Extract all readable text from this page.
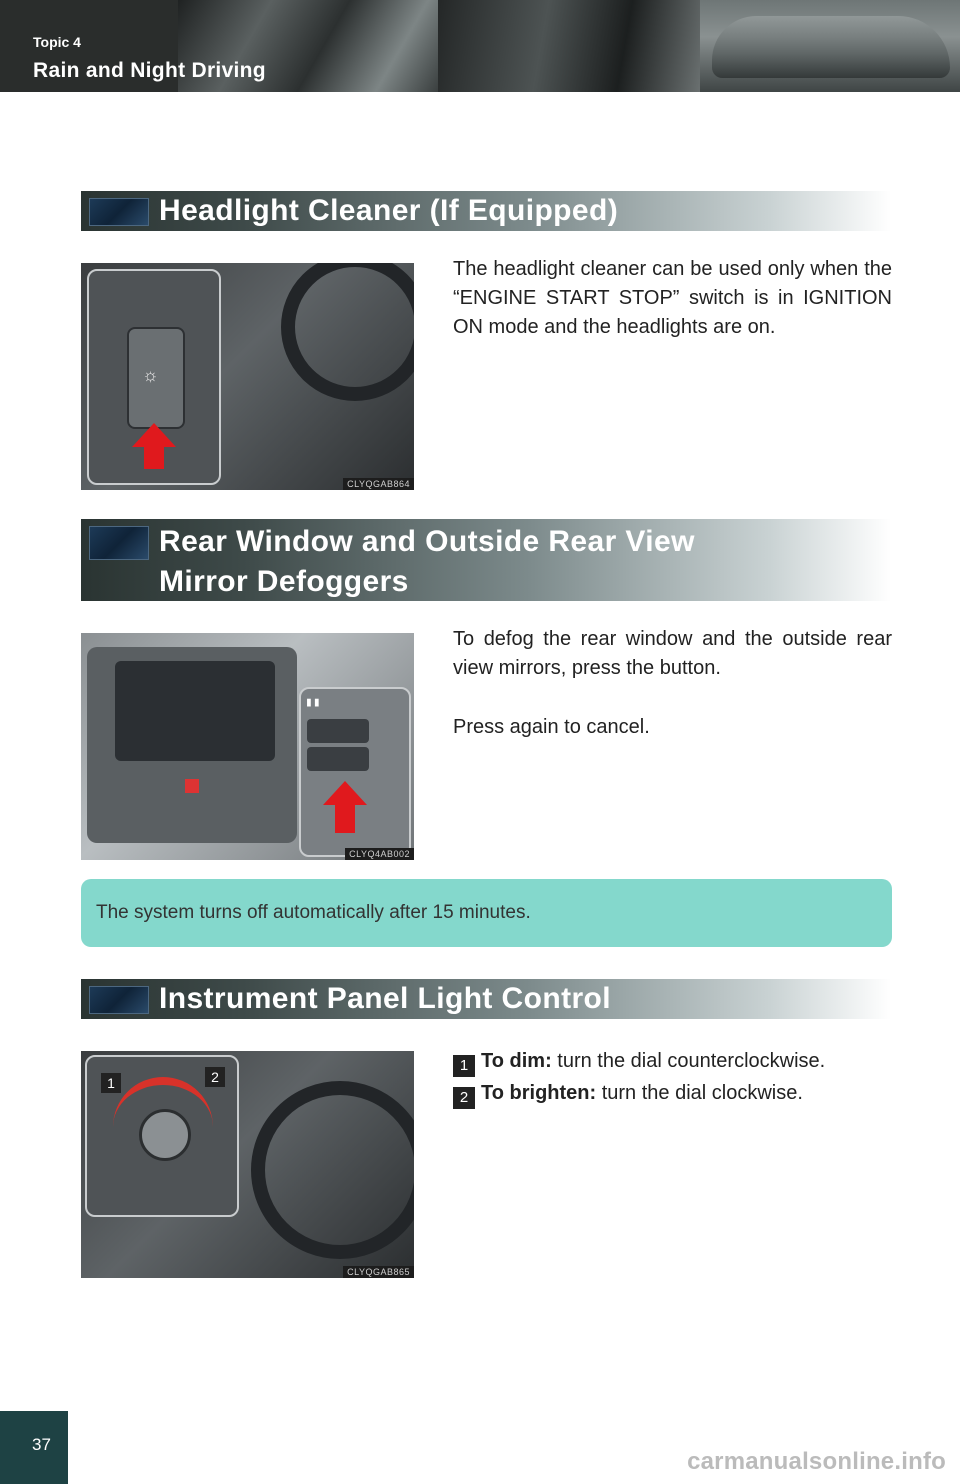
Topic 4
Rain and Night Driving
Headlight Cleaner (If Equipped)
☼
CLYQGAB864

The headlight cleaner can be used only when the “ENGINE START STOP” switch is in IGNITION ON mode and the headlights are on.

Rear Window and Outside Rear View
Mirror Defoggers
▮▮
CLYQ4AB002

To defog the rear window and the outside rear view mirrors, press the button.

Press again to cancel.

The system turns off automatically after 15 minutes.

Instrument Panel Light Control
1	2
CLYQGAB865
1 To dim: turn the dial counterclockwise.
2 To brighten: turn the dial clockwise.
37
carmanualsonline.info
